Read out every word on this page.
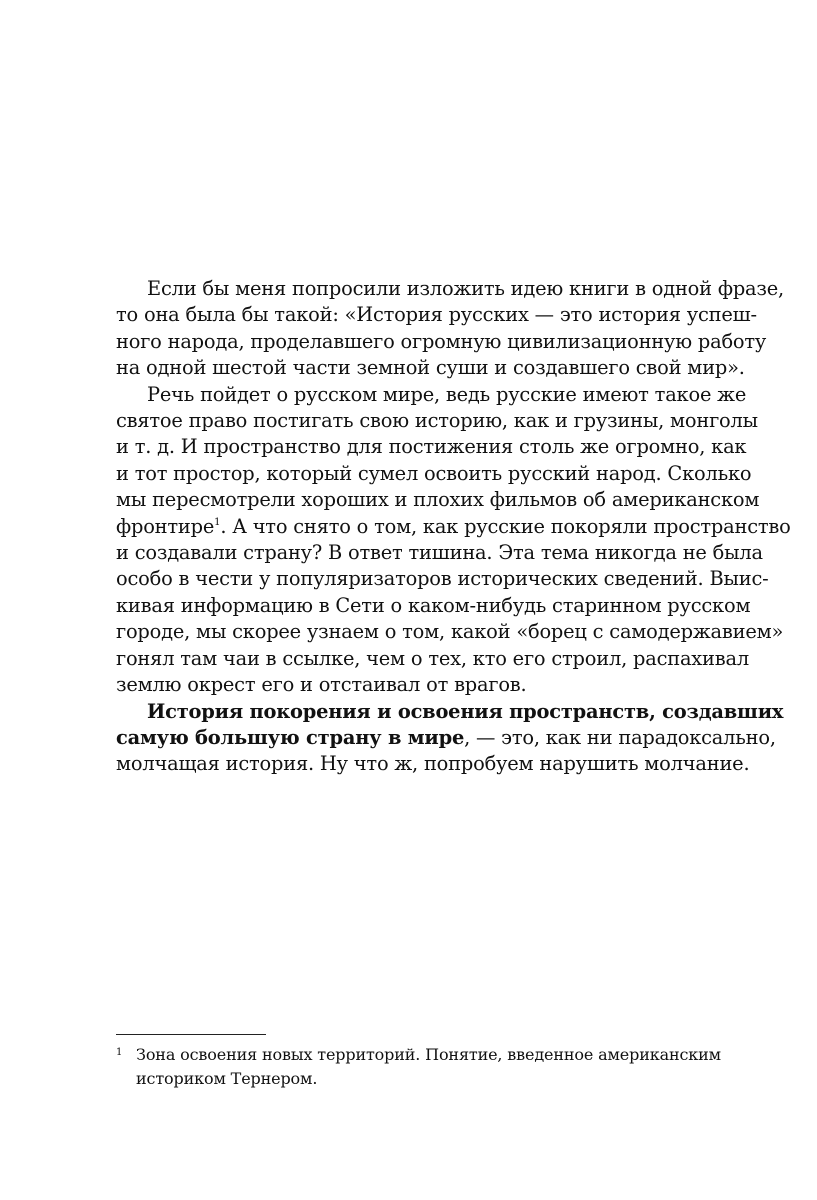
Если бы меня попросили изложить идею книги в одной фразе,
то она была бы такой: «История русских — это история успеш-
ного народа, проделавшего огромную цивилизационную работу
на одной шестой части земной суши и создавшего свой мир».

Речь пойдет о русском мире, ведь русские имеют такое же
святое право постигать свою историю, как и грузины, монголы
и т. д. И пространство для постижения столь же огромно, как
и тот простор, который сумел освоить русский народ. Сколько
мы пересмотрели хороших и плохих фильмов об американском
фронтире$^1$. А что снято о том, как русские покоряли пространство
и создавали страну? В ответ тишина. Эта тема никогда не была
особо в чести у популяризаторов исторических сведений. Выис-
кивая информацию в Сети о каком-нибудь старинном русском
городе, мы скорее узнаем о том, какой «борец с самодержавием»
гонял там чаи в ссылке, чем о тех, кто его строил, распахивал
землю окрест его и отстаивал от врагов.

История покорения и освоения пространств, создавших
самую большую страну в мире, — это, как ни парадоксально,
молчащая история. Ну что ж, попробуем нарушить молчание.

1 Зона освоения новых территорий. Понятие, введенное американским
историком Тернером.
